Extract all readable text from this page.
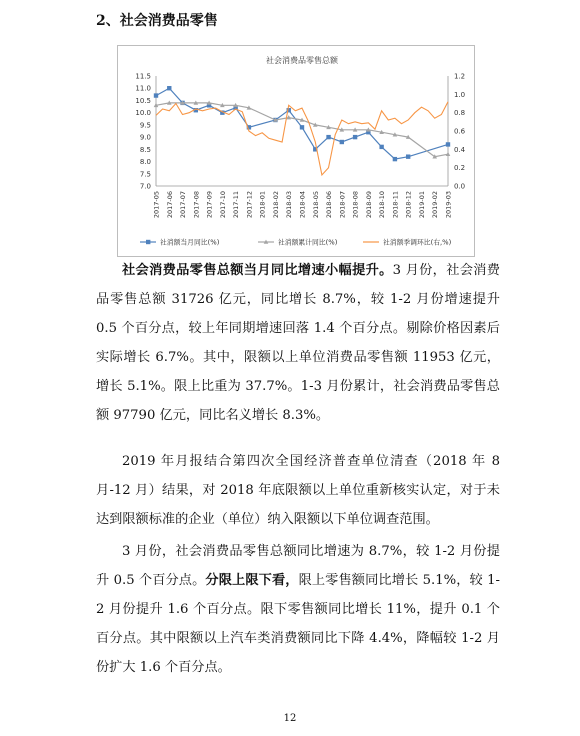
2、社会消费品零售
社会消费品零售总额
11.5
11.0
10.5
10.0
9.5
9.0
8.5
8.0
7.5
7.0
1.2
1.0
0.8
0.6
0.4
0.2
0.0
2017-05 2017-06 2017-07 2017-08 2017-09 2017-10 2017-11 2017-12 2018-01 2018-02 2018-03 2018-04 2018-05 2018-06 2018-07 2018-08 2018-09 2018-10 2018-11 2018-12 2019-01 2019-02 2019-03
社消额当月同比(%)	社消额累计同比(%)	社消额季调环比(右,%)

社会消费品零售总额当月同比增速小幅提升。3 月份，社会消费品零售总额 31726 亿元，同比增长 8.7%，较 1-2 月份增速提升 0.5 个百分点，较上年同期增速回落 1.4 个百分点。剔除价格因素后实际增长 6.7%。其中，限额以上单位消费品零售额 11953 亿元，增长 5.1%。限上比重为 37.7%。1-3 月份累计，社会消费品零售总额 97790 亿元，同比名义增长 8.3%。

2019 年月报结合第四次全国经济普查单位清查（2018 年 8 月-12 月）结果，对 2018 年底限额以上单位重新核实认定，对于未达到限额标准的企业（单位）纳入限额以下单位调查范围。

3 月份，社会消费品零售总额同比增速为 8.7%，较 1-2 月份提升 0.5 个百分点。分限上限下看，限上零售额同比增长 5.1%，较 1-2 月份提升 1.6 个百分点。限下零售额同比增长 11%，提升 0.1 个百分点。其中限额以上汽车类消费额同比下降 4.4%，降幅较 1-2 月份扩大 1.6 个百分点。

12
